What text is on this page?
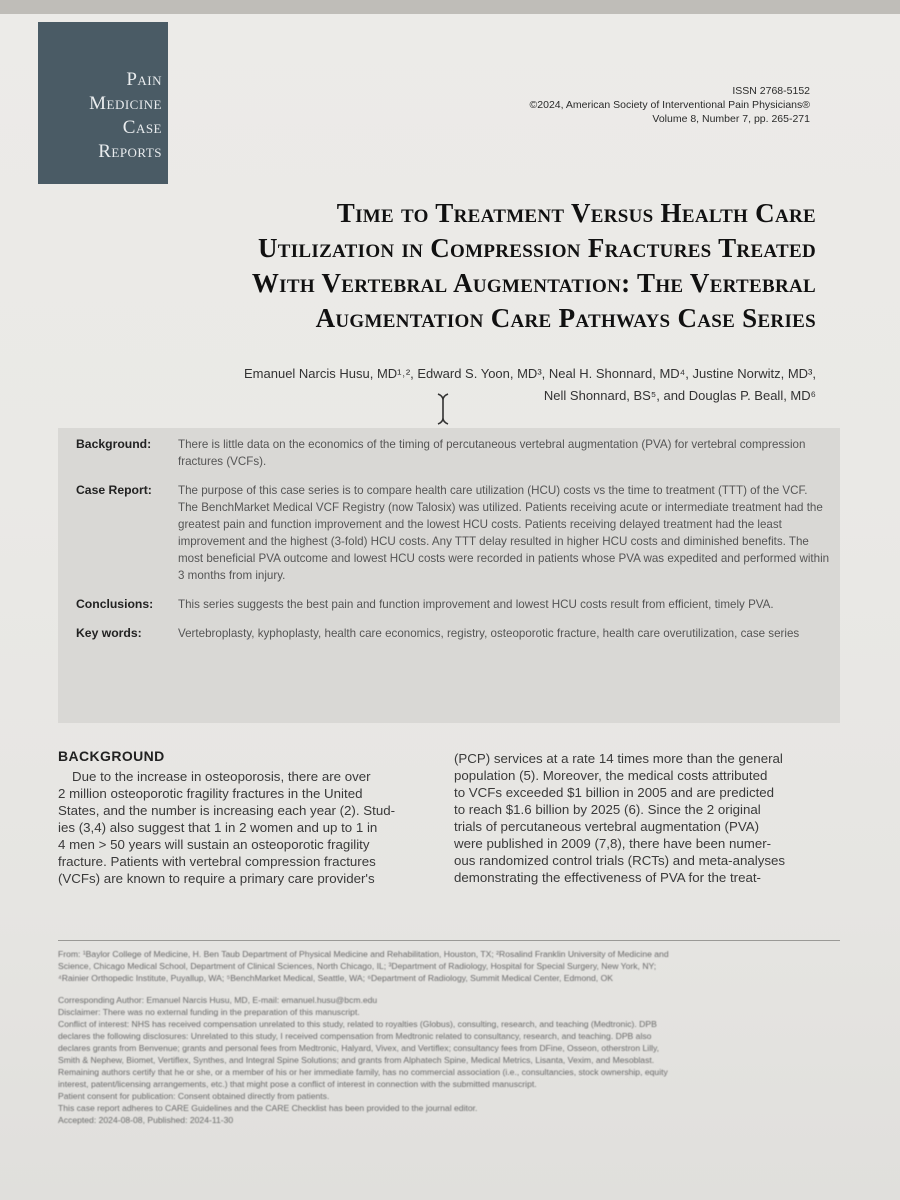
Pain
Medicine
Case
Reports
ISSN 2768-5152
©2024, American Society of Interventional Pain Physicians®
Volume 8, Number 7, pp. 265-271
Time to Treatment Versus Health Care
Utilization in Compression Fractures Treated
With Vertebral Augmentation: The Vertebral
Augmentation Care Pathways Case Series
Emanuel Narcis Husu, MD¹˒², Edward S. Yoon, MD³, Neal H. Shonnard, MD⁴, Justine Norwitz, MD³,
Nell Shonnard, BS⁵, and Douglas P. Beall, MD⁶
Background:	There is little data on the economics of the timing of percutaneous vertebral augmentation (PVA) for vertebral compression fractures (VCFs).
Case Report:	The purpose of this case series is to compare health care utilization (HCU) costs vs the time to treatment (TTT) of the VCF. The BenchMarket Medical VCF Registry (now Talosix) was utilized. Patients receiving acute or intermediate treatment had the greatest pain and function improvement and the lowest HCU costs. Patients receiving delayed treatment had the least improvement and the highest (3-fold) HCU costs. Any TTT delay resulted in higher HCU costs and diminished benefits. The most beneficial PVA outcome and lowest HCU costs were recorded in patients whose PVA was expedited and performed within 3 months from injury.
Conclusions:	This series suggests the best pain and function improvement and lowest HCU costs result from efficient, timely PVA.
Key words:	Vertebroplasty, kyphoplasty, health care economics, registry, osteoporotic fracture, health care overutilization, case series
BACKGROUND
Due to the increase in osteoporosis, there are over
2 million osteoporotic fragility fractures in the United
States, and the number is increasing each year (2). Stud-
ies (3,4) also suggest that 1 in 2 women and up to 1 in
4 men > 50 years will sustain an osteoporotic fragility
fracture. Patients with vertebral compression fractures
(VCFs) are known to require a primary care provider's
(PCP) services at a rate 14 times more than the general
population (5). Moreover, the medical costs attributed
to VCFs exceeded $1 billion in 2005 and are predicted
to reach $1.6 billion by 2025 (6). Since the 2 original
trials of percutaneous vertebral augmentation (PVA)
were published in 2009 (7,8), there have been numer-
ous randomized control trials (RCTs) and meta-analyses
demonstrating the effectiveness of PVA for the treat-
From: ¹Baylor College of Medicine, H. Ben Taub Department of Physical Medicine and Rehabilitation, Houston, TX; ²Rosalind Franklin University of Medicine and
Science, Chicago Medical School, Department of Clinical Sciences, North Chicago, IL; ³Department of Radiology, Hospital for Special Surgery, New York, NY;
⁴Rainier Orthopedic Institute, Puyallup, WA; ⁵BenchMarket Medical, Seattle, WA; ⁶Department of Radiology, Summit Medical Center, Edmond, OK
Corresponding Author: Emanuel Narcis Husu, MD, E-mail: emanuel.husu@bcm.edu
Disclaimer: There was no external funding in the preparation of this manuscript.
Conflict of interest: NHS has received compensation unrelated to this study, related to royalties (Globus), consulting, research, and teaching (Medtronic). DPB
declares the following disclosures: Unrelated to this study, I received compensation from Medtronic related to consultancy, research, and teaching. DPB also
declares grants from Benvenue; grants and personal fees from Medtronic, Halyard, Vivex, and Vertiflex; consultancy fees from DFine, Osseon, otherstron Lilly,
Smith & Nephew, Biomet, Vertiflex, Synthes, and Integral Spine Solutions; and grants from Alphatech Spine, Medical Metrics, Lisanta, Vexim, and Mesoblast.
Remaining authors certify that he or she, or a member of his or her immediate family, has no commercial association (i.e., consultancies, stock ownership, equity
interest, patent/licensing arrangements, etc.) that might pose a conflict of interest in connection with the submitted manuscript.
Patient consent for publication: Consent obtained directly from patients.
This case report adheres to CARE Guidelines and the CARE Checklist has been provided to the journal editor.
Accepted: 2024-08-08, Published: 2024-11-30
